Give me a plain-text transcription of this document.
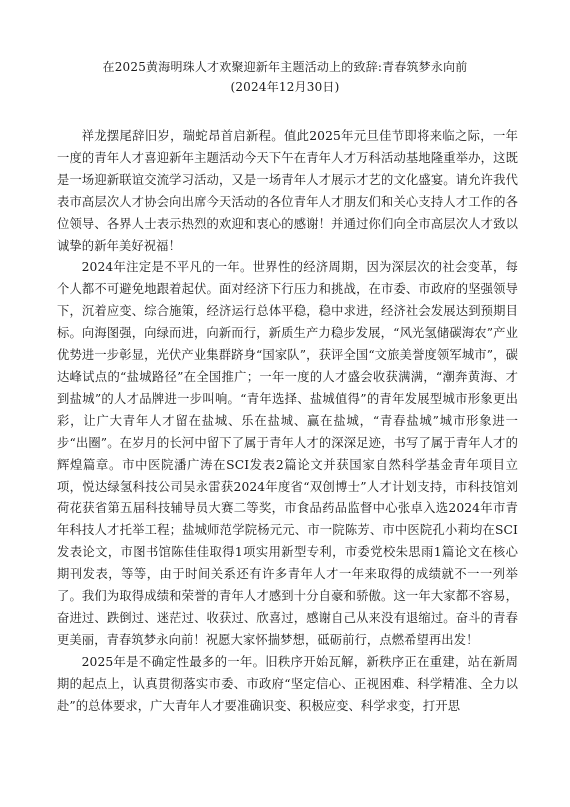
在2025黄海明珠人才欢聚迎新年主题活动上的致辞:青春筑梦永向前
(2024年12月30日)

祥龙摆尾辞旧岁，瑞蛇昂首启新程。值此2025年元旦佳节即将来临之际，一年一度的青年人才喜迎新年主题活动今天下午在青年人才万科活动基地隆重举办，这既是一场迎新联谊交流学习活动，又是一场青年人才展示才艺的文化盛宴。请允许我代表市高层次人才协会向出席今天活动的各位青年人才朋友们和关心支持人才工作的各位领导、各界人士表示热烈的欢迎和衷心的感谢！并通过你们向全市高层次人才致以诚挚的新年美好祝福！

2024年注定是不平凡的一年。世界性的经济周期，因为深层次的社会变革，每个人都不可避免地跟着起伏。面对经济下行压力和挑战，在市委、市政府的坚强领导下，沉着应变、综合施策，经济运行总体平稳，稳中求进，经济社会发展达到预期目标。向海图强，向绿而进，向新而行，新质生产力稳步发展，“风光氢储碳海农”产业优势进一步彰显，光伏产业集群跻身“国家队”，获评全国“文旅美誉度领军城市”，碳达峰试点的“盐城路径”在全国推广；一年一度的人才盛会收获满满，“潮奔黄海、才到盐城”的人才品牌进一步叫响。“青年选择、盐城值得”的青年发展型城市形象更出彩，让广大青年人才留在盐城、乐在盐城、赢在盐城，“青春盐城”城市形象进一步“出圈”。在岁月的长河中留下了属于青年人才的深深足迹，书写了属于青年人才的辉煌篇章。市中医院潘广涛在SCI发表2篇论文并获国家自然科学基金青年项目立项，悦达绿氢科技公司吴永雷获2024年度省“双创博士”人才计划支持，市科技馆刘荷花获省第五届科技辅导员大赛二等奖，市食品药品监督中心张卓入选2024年市青年科技人才托举工程；盐城师范学院杨元元、市一院陈芳、市中医院孔小莉均在SCI发表论文，市图书馆陈佳佳取得1项实用新型专利，市委党校朱思雨1篇论文在核心期刊发表，等等，由于时间关系还有许多青年人才一年来取得的成绩就不一一列举了。我们为取得成绩和荣誉的青年人才感到十分自豪和骄傲。这一年大家都不容易，奋进过、跌倒过、迷茫过、收获过、欣喜过，感谢自己从来没有退缩过。奋斗的青春更美丽，青春筑梦永向前！祝愿大家怀揣梦想，砥砺前行，点燃希望再出发！

2025年是不确定性最多的一年。旧秩序开始瓦解，新秩序正在重建，站在新周期的起点上，认真贯彻落实市委、市政府“坚定信心、正视困难、科学精准、全力以赴”的总体要求，广大青年人才要准确识变、积极应变、科学求变，打开思
